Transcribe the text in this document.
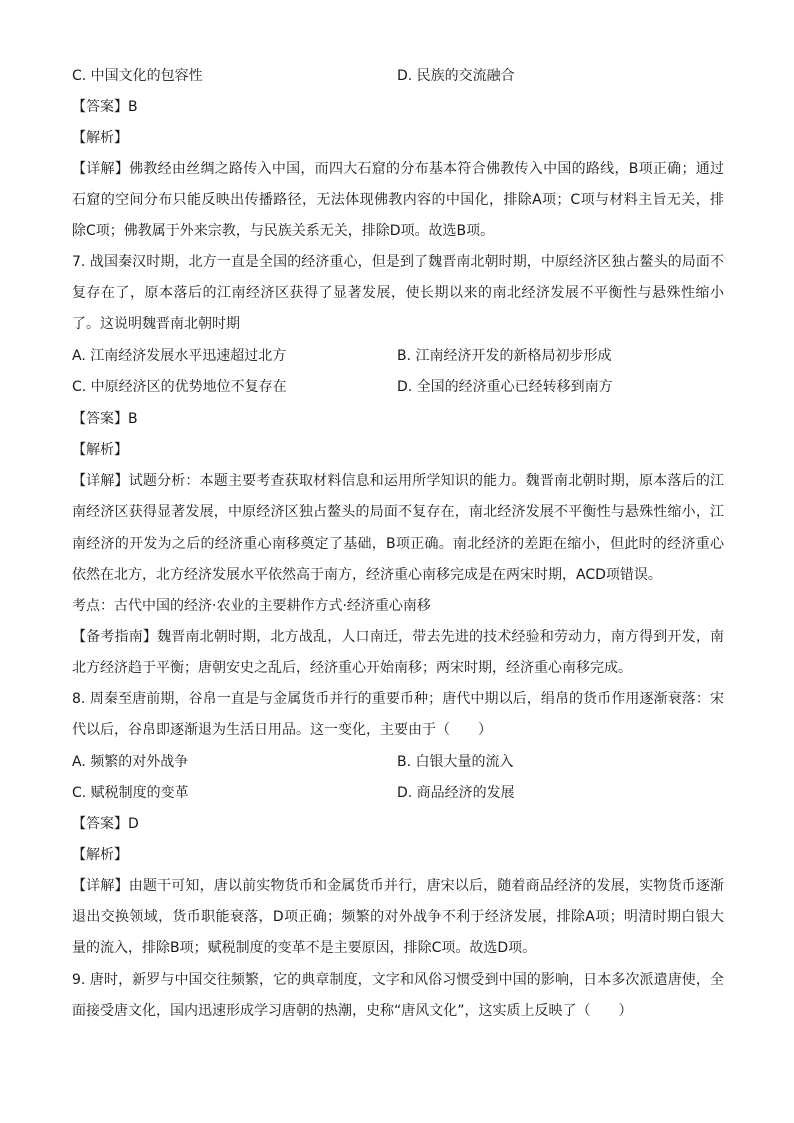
C. 中国文化的包容性	D. 民族的交流融合
【答案】B
【解析】
【详解】佛教经由丝绸之路传入中国，而四大石窟的分布基本符合佛教传入中国的路线，B项正确；通过
石窟的空间分布只能反映出传播路径，无法体现佛教内容的中国化，排除A项；C项与材料主旨无关，排
除C项；佛教属于外来宗教，与民族关系无关，排除D项。故选B项。
7. 战国秦汉时期，北方一直是全国的经济重心，但是到了魏晋南北朝时期，中原经济区独占鳌头的局面不
复存在了，原本落后的江南经济区获得了显著发展，使长期以来的南北经济发展不平衡性与悬殊性缩小
了。这说明魏晋南北朝时期
A. 江南经济发展水平迅速超过北方	B. 江南经济开发的新格局初步形成
C. 中原经济区的优势地位不复存在	D. 全国的经济重心已经转移到南方
【答案】B
【解析】
【详解】试题分析：本题主要考查获取材料信息和运用所学知识的能力。魏晋南北朝时期，原本落后的江
南经济区获得显著发展，中原经济区独占鳌头的局面不复存在，南北经济发展不平衡性与悬殊性缩小，江
南经济的开发为之后的经济重心南移奠定了基础，B项正确。南北经济的差距在缩小，但此时的经济重心
依然在北方，北方经济发展水平依然高于南方，经济重心南移完成是在两宋时期，ACD项错误。
考点：古代中国的经济·农业的主要耕作方式·经济重心南移
【备考指南】魏晋南北朝时期，北方战乱，人口南迁，带去先进的技术经验和劳动力，南方得到开发，南
北方经济趋于平衡；唐朝安史之乱后，经济重心开始南移；两宋时期，经济重心南移完成。
8. 周秦至唐前期，谷帛一直是与金属货币并行的重要币种；唐代中期以后，绢帛的货币作用逐渐衰落：宋
代以后，谷帛即逐渐退为生活日用品。这一变化，主要由于（　　）
A. 频繁的对外战争	B. 白银大量的流入
C. 赋税制度的变革	D. 商品经济的发展
【答案】D
【解析】
【详解】由题干可知，唐以前实物货币和金属货币并行，唐宋以后，随着商品经济的发展，实物货币逐渐
退出交换领域，货币职能衰落，D项正确；频繁的对外战争不利于经济发展，排除A项；明清时期白银大
量的流入，排除B项；赋税制度的变革不是主要原因，排除C项。故选D项。
9. 唐时，新罗与中国交往频繁，它的典章制度，文字和风俗习惯受到中国的影响，日本多次派遣唐使，全
面接受唐文化，国内迅速形成学习唐朝的热潮，史称“唐风文化”，这实质上反映了（　　）
